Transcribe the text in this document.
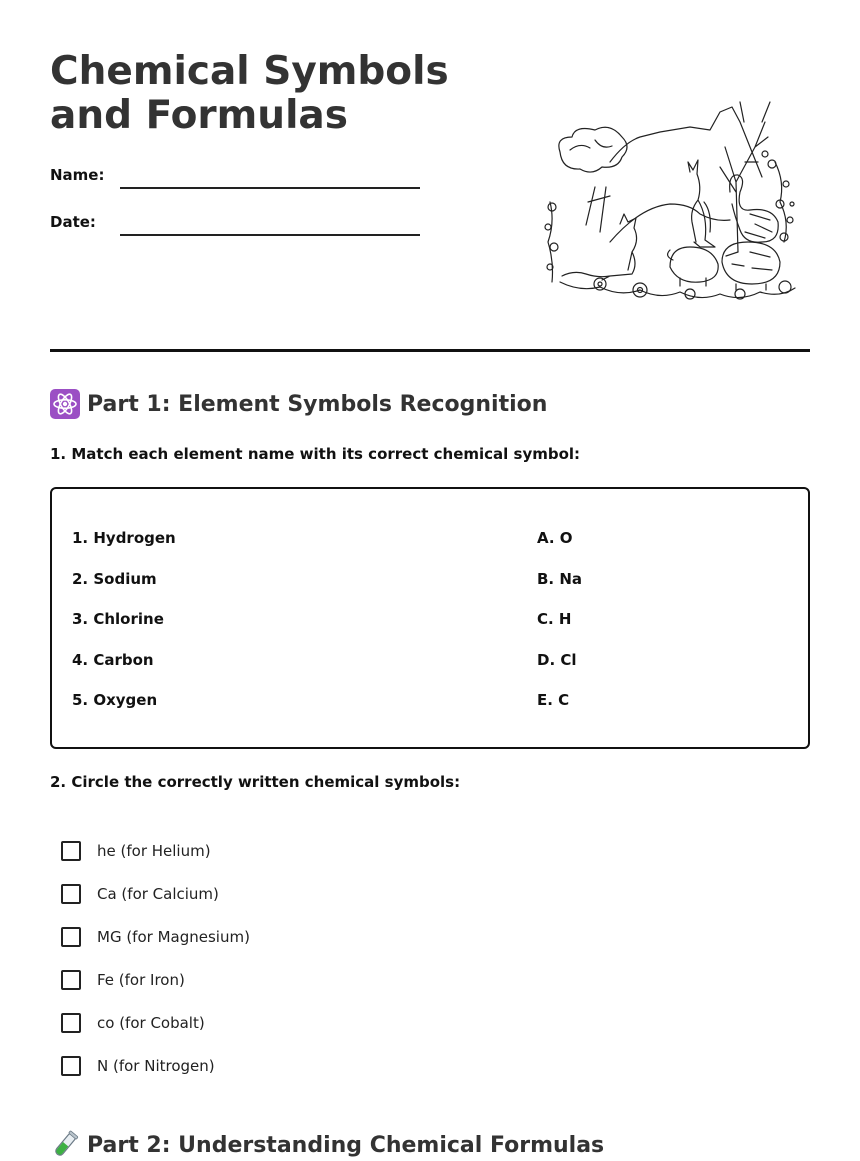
Chemical Symbols and Formulas
Name:
Date:
Part 1: Element Symbols Recognition
1. Match each element name with its correct chemical symbol:
1. Hydrogen
2. Sodium
3. Chlorine
4. Carbon
5. Oxygen
A. O
B. Na
C. H
D. Cl
E. C
2. Circle the correctly written chemical symbols:
he (for Helium)
Ca (for Calcium)
MG (for Magnesium)
Fe (for Iron)
co (for Cobalt)
N (for Nitrogen)
Part 2: Understanding Chemical Formulas
